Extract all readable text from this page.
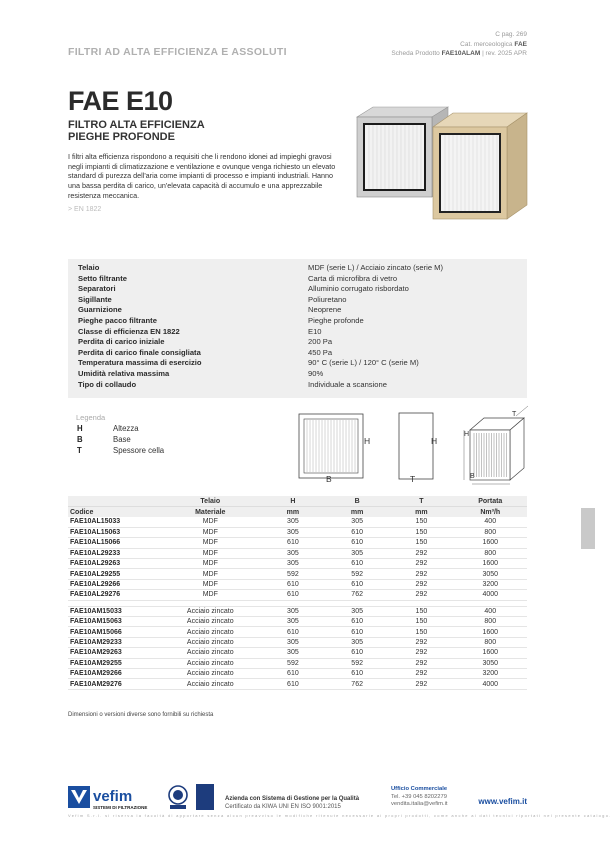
C pag. 269
Cat. merceologica FAE
Scheda Prodotto FAE10ALAM | rev. 2025 APR
FILTRI AD ALTA EFFICIENZA E ASSOLUTI
FAE E10
FILTRO ALTA EFFICIENZA
PIEGHE PROFONDE
I filtri alta efficienza rispondono a requisiti che li rendono idonei ad impieghi gravosi negli impianti di climatizzazione e ventilazione e ovunque venga richiesto un elevato standard di purezza dell'aria come impianti di processo e impianti industriali. Hanno una bassa perdita di carico, un'elevata capacità di accumulo e una apprezzabile resistenza meccanica.
> EN 1822
Telaio	MDF (serie L) / Acciaio zincato (serie M)
Setto filtrante	Carta di microfibra di vetro
Separatori	Alluminio corrugato risbordato
Sigillante	Poliuretano
Guarnizione	Neoprene
Pieghe pacco filtrante	Pieghe profonde
Classe di efficienza EN 1822	E10
Perdita di carico iniziale	200 Pa
Perdita di carico finale consigliata	450 Pa
Temperatura massima di esercizio	90° C (serie L) / 120° C (serie M)
Umidità relativa massima	90%
Tipo di collaudo	Individuale a scansione
Legenda
H	Altezza
B	Base
T	Spessore cella
H
B
H
T
H
B
T
	Telaio	H	B	T	Portata
Codice	Materiale	mm	mm	mm	Nm³/h
FAE10AL15033	MDF	305	305	150	400
FAE10AL15063	MDF	305	610	150	800
FAE10AL15066	MDF	610	610	150	1600
FAE10AL29233	MDF	305	305	292	800
FAE10AL29263	MDF	305	610	292	1600
FAE10AL29255	MDF	592	592	292	3050
FAE10AL29266	MDF	610	610	292	3200
FAE10AL29276	MDF	610	762	292	4000

FAE10AM15033	Acciaio zincato	305	305	150	400
FAE10AM15063	Acciaio zincato	305	610	150	800
FAE10AM15066	Acciaio zincato	610	610	150	1600
FAE10AM29233	Acciaio zincato	305	305	292	800
FAE10AM29263	Acciaio zincato	305	610	292	1600
FAE10AM29255	Acciaio zincato	592	592	292	3050
FAE10AM29266	Acciaio zincato	610	610	292	3200
FAE10AM29276	Acciaio zincato	610	762	292	4000
Dimensioni o versioni diverse sono fornibili su richiesta
vefim
SISTEMI DI FILTRAZIONE
Azienda con Sistema di Gestione per la Qualità
Certificato da KIWA UNI EN ISO 9001:2015
Ufficio Commerciale
Tel. +39 045 8202279
vendita.italia@vefim.it	www.vefim.it
Vefim S.r.l. si riserva la facoltà di apportare senza alcun preavviso le modifiche ritenute necessarie ai propri prodotti, come anche ai dati tecnici riportati nel presente catalogo.
